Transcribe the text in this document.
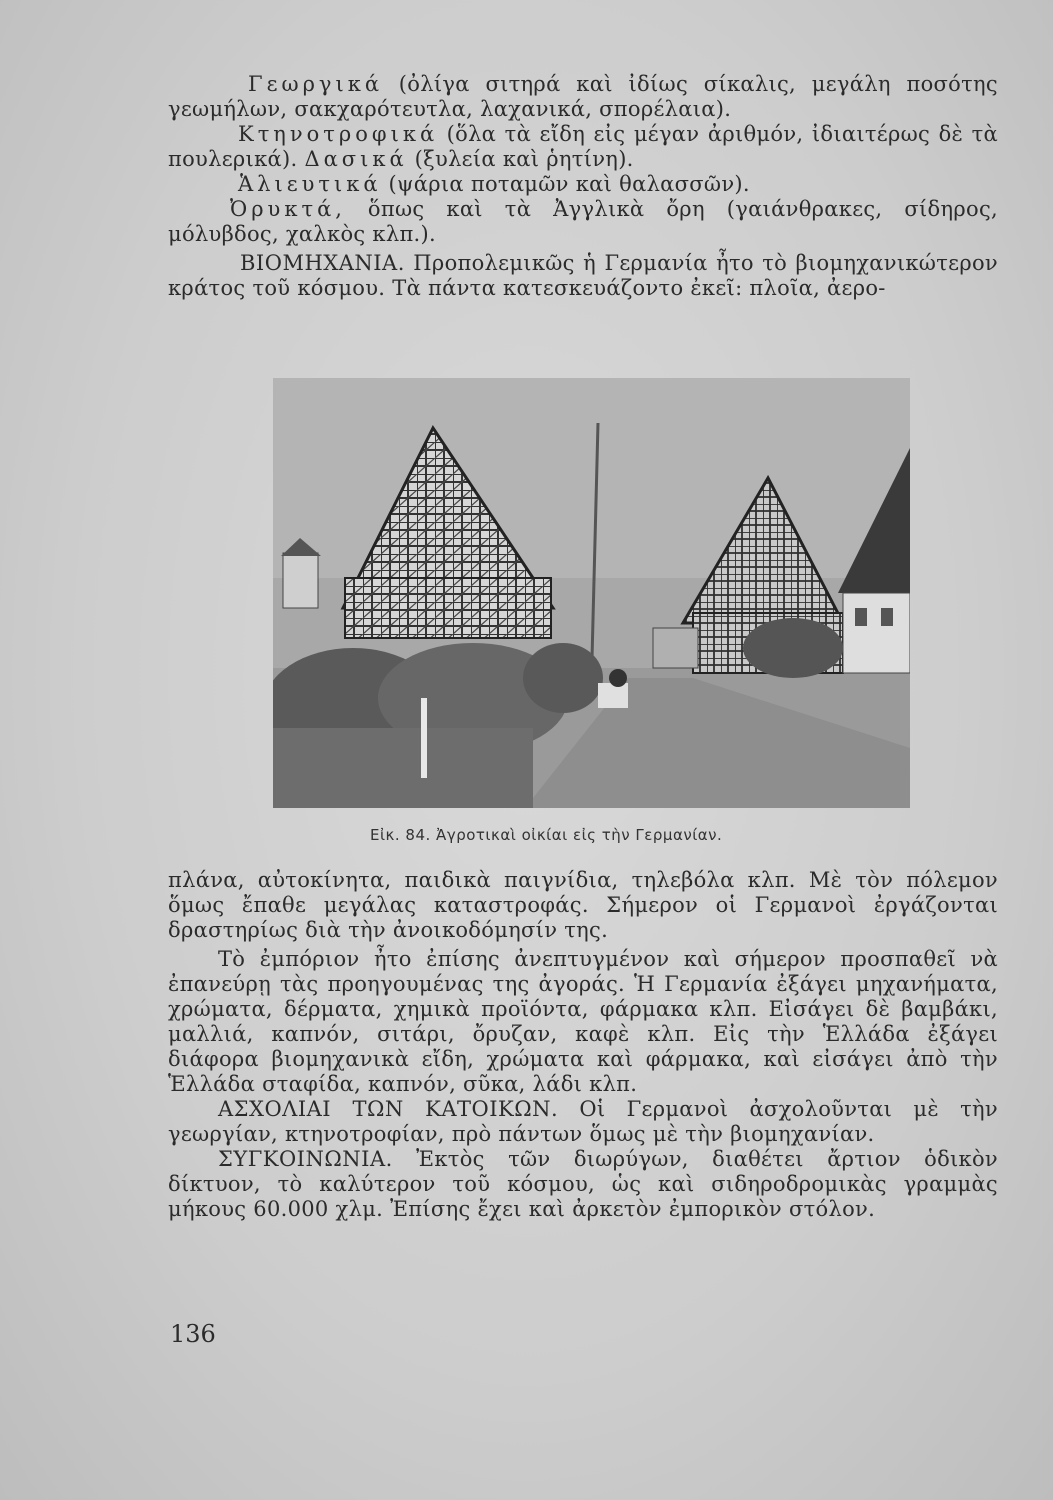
Γεωργικά (ὀλίγα σιτηρά καὶ ἰδίως σίκαλις, μεγάλη ποσότης γεωμήλων, σακχαρότευτλα, λαχανικά, σπορέλαια).

Κτηνοτροφικά (ὅλα τὰ εἴδη εἰς μέγαν ἀριθμόν, ἰδιαιτέρως δὲ τὰ πουλερικά). Δασικά (ξυλεία καὶ ῥητίνη).

Ἁλιευτικά (ψάρια ποταμῶν καὶ θαλασσῶν).

Ὀρυκτά, ὅπως καὶ τὰ Ἀγγλικὰ ὄρη (γαιάνθρακες, σίδηρος, μόλυβδος, χαλκὸς κλπ.).

ΒΙΟΜΗΧΑΝΙΑ. Προπολεμικῶς ἡ Γερμανία ἦτο τὸ βιομηχανικώτερον κράτος τοῦ κόσμου. Τὰ πάντα κατεσκευάζοντο ἐκεῖ: πλοῖα, ἀερο-

Εἰκ. 84. Ἀγροτικαὶ οἰκίαι εἰς τὴν Γερμανίαν.

πλάνα, αὐτοκίνητα, παιδικὰ παιγνίδια, τηλεβόλα κλπ. Μὲ τὸν πόλεμον ὅμως ἔπαθε μεγάλας καταστροφάς. Σήμερον οἱ Γερμανοὶ ἐργάζονται δραστηρίως διὰ τὴν ἀνοικοδόμησίν της.

Τὸ ἐμπόριον ἦτο ἐπίσης ἀνεπτυγμένον καὶ σήμερον προσπαθεῖ νὰ ἐπανεύρῃ τὰς προηγουμένας της ἀγοράς. Ἡ Γερμανία ἐξάγει μηχανήματα, χρώματα, δέρματα, χημικὰ προϊόντα, φάρμακα κλπ. Εἰσάγει δὲ βαμβάκι, μαλλιά, καπνόν, σιτάρι, ὄρυζαν, καφὲ κλπ. Εἰς τὴν Ἑλλάδα ἐξάγει διάφορα βιομηχανικὰ εἴδη, χρώματα καὶ φάρμακα, καὶ εἰσάγει ἀπὸ τὴν Ἑλλάδα σταφίδα, καπνόν, σῦκα, λάδι κλπ.

ΑΣΧΟΛΙΑΙ ΤΩΝ ΚΑΤΟΙΚΩΝ. Οἱ Γερμανοὶ ἀσχολοῦνται μὲ τὴν γεωργίαν, κτηνοτροφίαν, πρὸ πάντων ὅμως μὲ τὴν βιομηχανίαν.

ΣΥΓΚΟΙΝΩΝΙΑ. Ἐκτὸς τῶν διωρύγων, διαθέτει ἄρτιον ὁδικὸν δίκτυον, τὸ καλύτερον τοῦ κόσμου, ὡς καὶ σιδηροδρομικὰς γραμμὰς μήκους 60.000 χλμ. Ἐπίσης ἔχει καὶ ἀρκετὸν ἐμπορικὸν στόλον.

136
